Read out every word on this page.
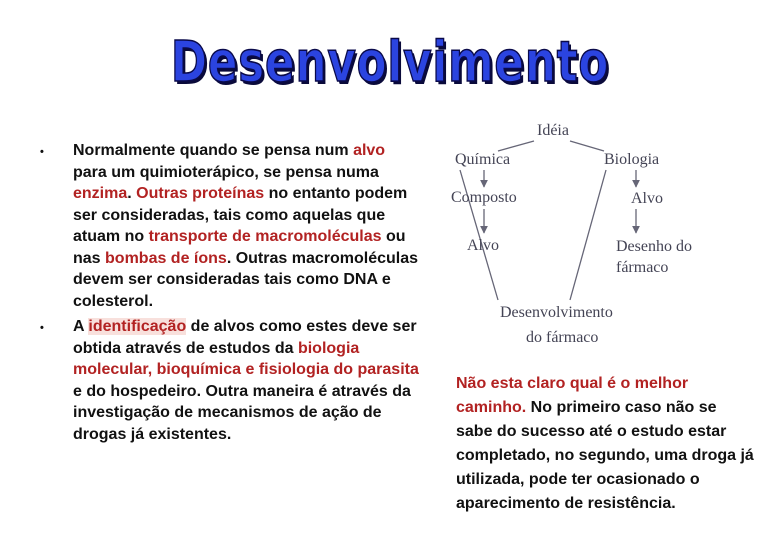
Desenvolvimento
• Normalmente quando se pensa num alvo para um quimioterápico, se pensa numa enzima. Outras proteínas no entanto podem ser consideradas, tais como aquelas que atuam no transporte de macromoléculas ou nas bombas de íons. Outras macromoléculas devem ser consideradas tais como DNA e colesterol.
• A identificação de alvos como estes deve ser obtida através de estudos da biologia molecular, bioquímica e fisiologia do parasita e do hospedeiro. Outra maneira é através da investigação de mecanismos de ação de drogas já existentes.
Idéia
Química	Biologia
Composto	Alvo
Alvo	Desenho do
fármaco
Desenvolvimento
do fármaco
Não esta claro qual é o melhor caminho. No primeiro caso não se sabe do sucesso até o estudo estar completado, no segundo, uma droga já utilizada, pode ter ocasionado o aparecimento de resistência.
